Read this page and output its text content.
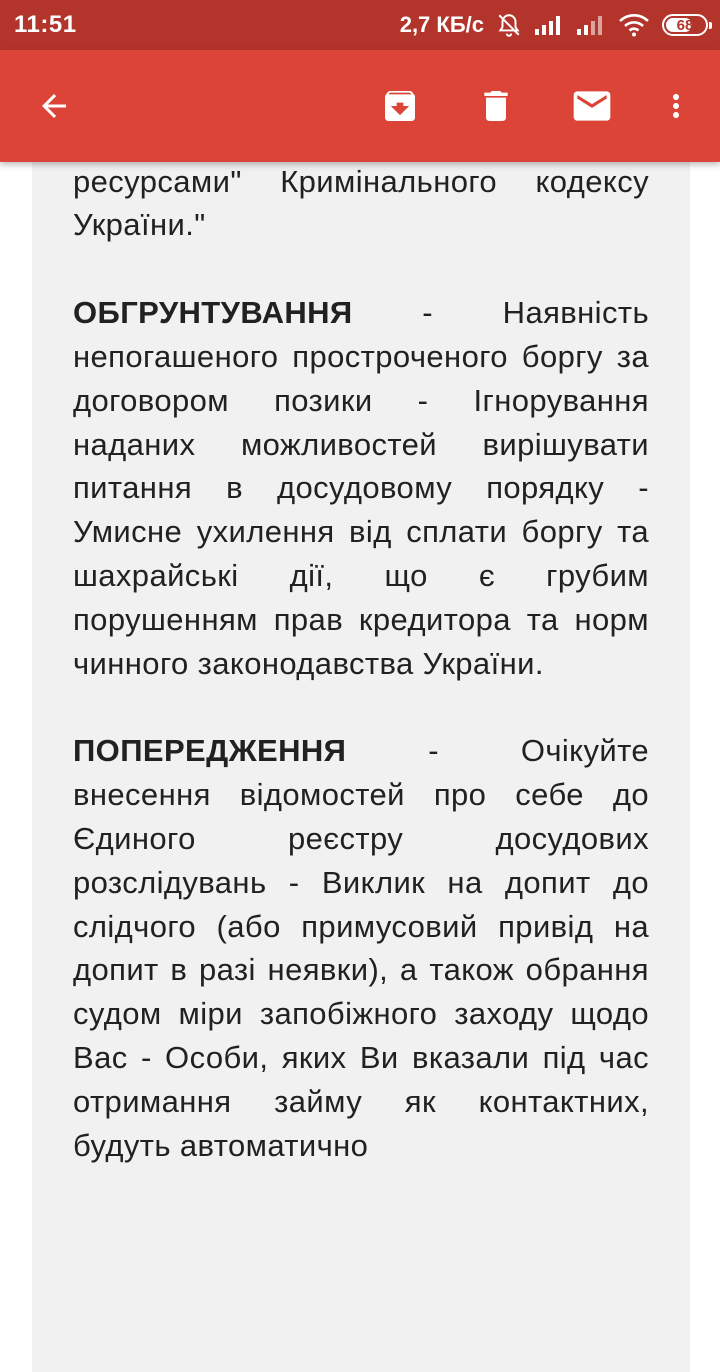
11:51	2,7 КБ/с	68

ресурсами" Кримінального кодексу України."

ОБГРУНТУВАННЯ - Наявність непогашеного простроченого боргу за договором позики - Ігнорування наданих можливостей вирішувати питання в досудовому порядку - Умисне ухилення від сплати боргу та шахрайські дії, що є грубим порушенням прав кредитора та норм чинного законодавства України.

ПОПЕРЕДЖЕННЯ - Очікуйте внесення відомостей про себе до Єдиного реєстру досудових розслідувань - Виклик на допит до слідчого (або примусовий привід на допит в разі неявки), а також обрання судом міри запобіжного заходу щодо Вас - Особи, яких Ви вказали під час отримання займу як контактних, будуть автоматично
